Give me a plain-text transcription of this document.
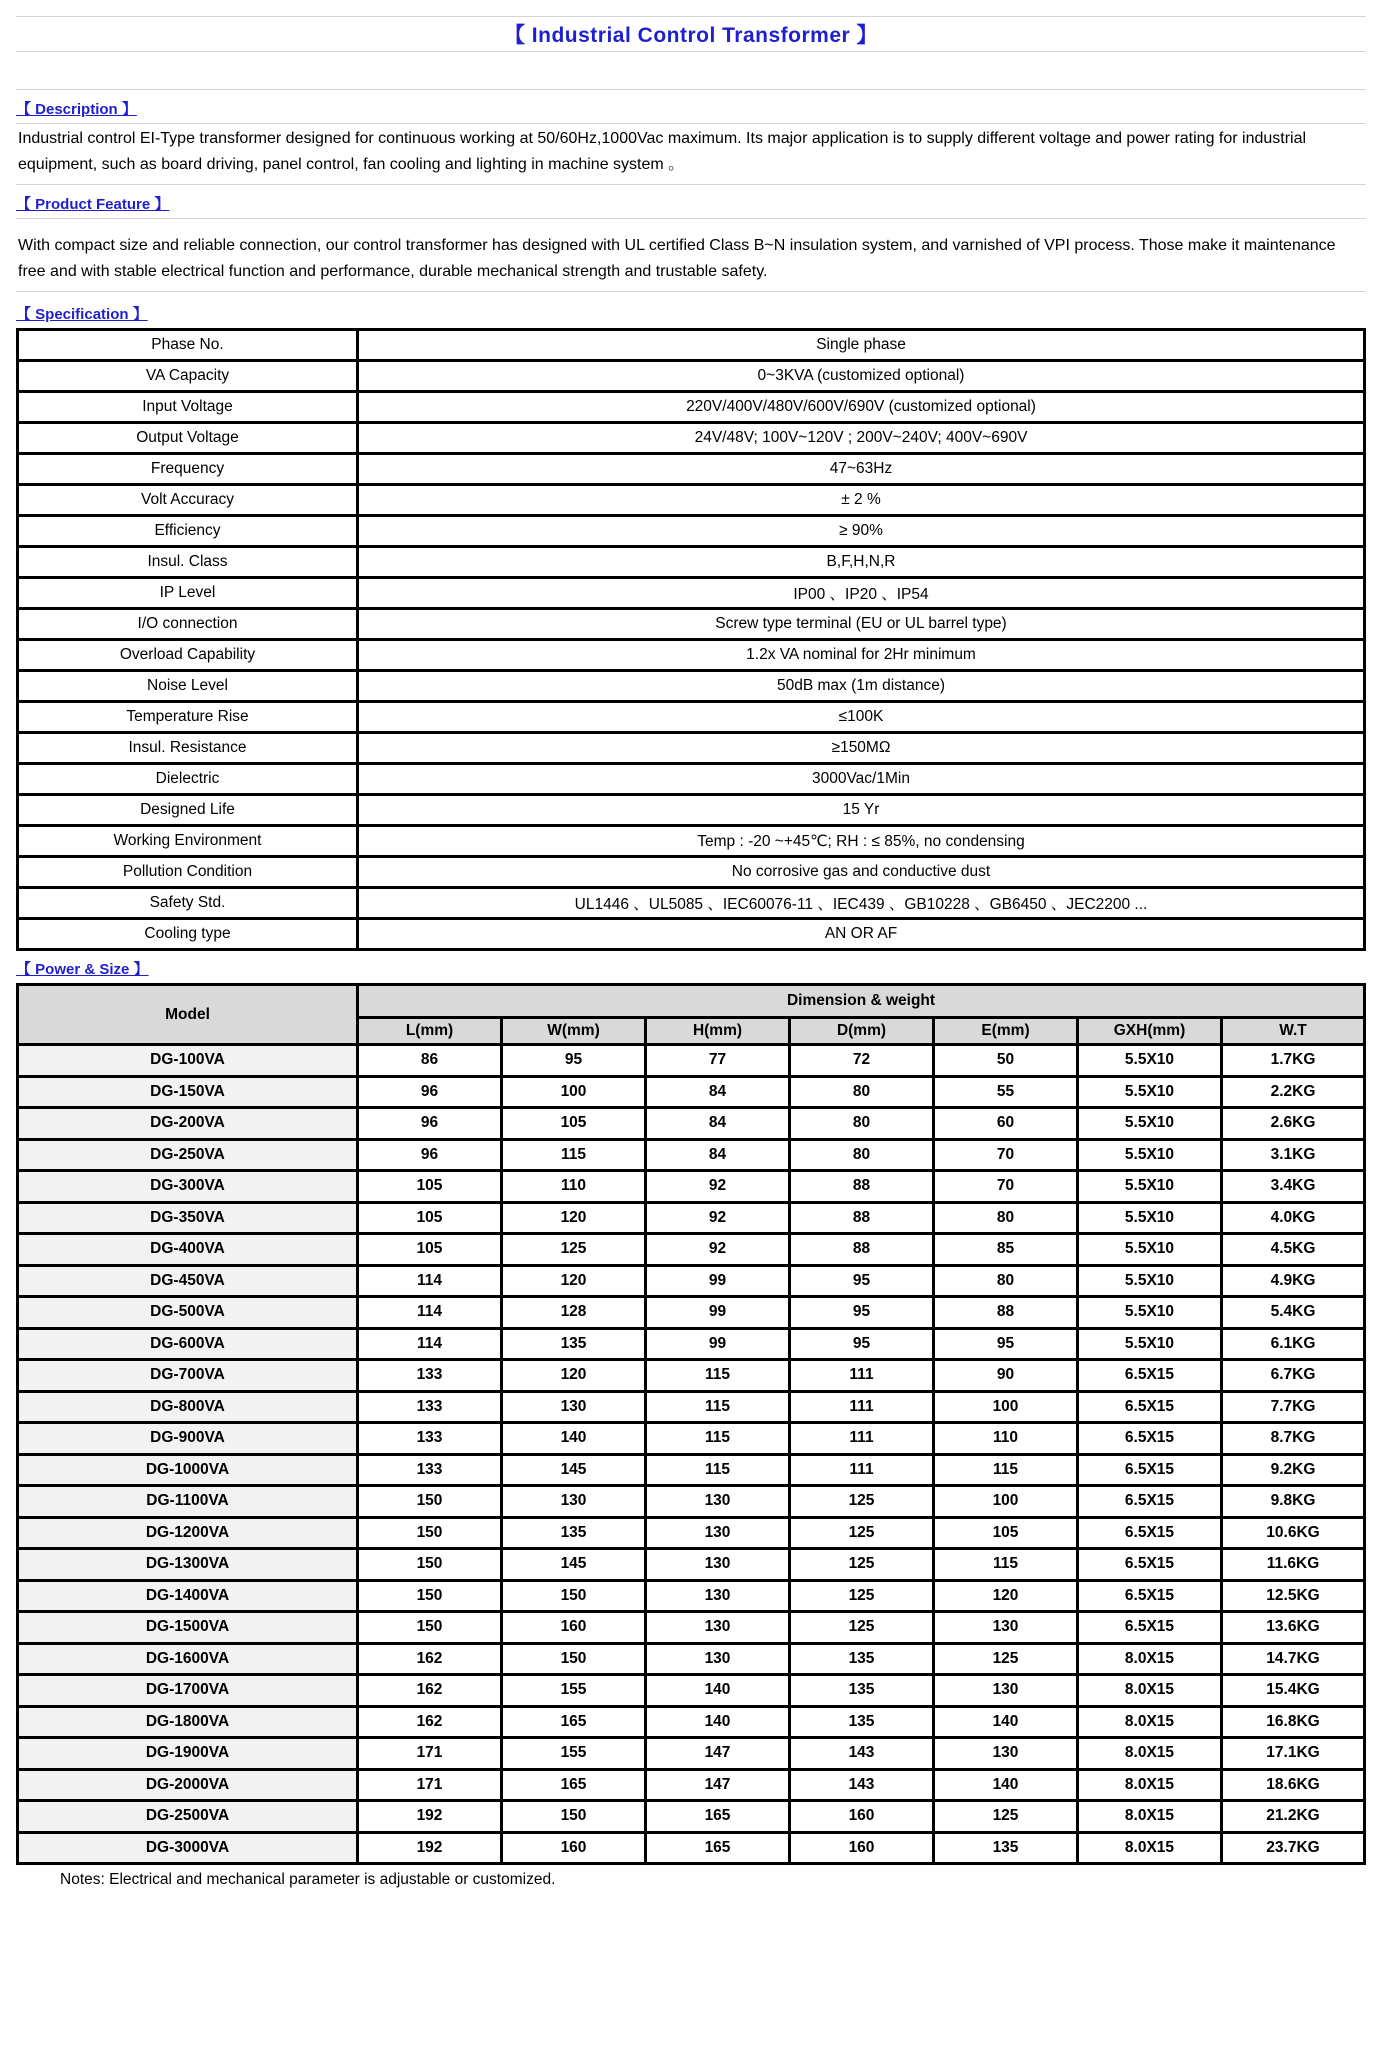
【 Industrial Control Transformer 】
【 Description 】
Industrial control EI-Type transformer designed for continuous working at 50/60Hz,1000Vac maximum. Its major application is to supply different voltage and power rating for industrial equipment, such as board driving, panel control, fan cooling and lighting in machine system 。
【 Product Feature 】
With compact size and reliable connection, our control transformer has designed with UL certified Class B~N insulation system, and varnished of VPI process. Those make it maintenance free and with stable electrical function and performance, durable mechanical strength and trustable safety.
【 Specification 】
Phase No.	Single phase
VA Capacity	0~3KVA (customized optional)
Input Voltage	220V/400V/480V/600V/690V (customized optional)
Output Voltage	24V/48V; 100V~120V ; 200V~240V; 400V~690V
Frequency	47~63Hz
Volt Accuracy	± 2 %
Efficiency	≥ 90%
Insul. Class	B,F,H,N,R
IP Level	IP00 、IP20 、IP54
I/O connection	Screw type terminal (EU or UL barrel type)
Overload Capability	1.2x VA nominal for 2Hr minimum
Noise Level	50dB max (1m distance)
Temperature Rise	≤100K
Insul. Resistance	≥150MΩ
Dielectric	3000Vac/1Min
Designed Life	15 Yr
Working Environment	Temp : -20 ~+45℃; RH : ≤ 85%, no condensing
Pollution Condition	No corrosive gas and conductive dust
Safety Std.	UL1446 、UL5085 、IEC60076-11 、IEC439 、GB10228 、GB6450 、JEC2200 ...
Cooling type	AN OR AF
【 Power & Size 】
Model	Dimension & weight						
	L(mm)	W(mm)	H(mm)	D(mm)	E(mm)	GXH(mm)	W.T
DG-100VA	86	95	77	72	50	5.5X10	1.7KG
DG-150VA	96	100	84	80	55	5.5X10	2.2KG
DG-200VA	96	105	84	80	60	5.5X10	2.6KG
DG-250VA	96	115	84	80	70	5.5X10	3.1KG
DG-300VA	105	110	92	88	70	5.5X10	3.4KG
DG-350VA	105	120	92	88	80	5.5X10	4.0KG
DG-400VA	105	125	92	88	85	5.5X10	4.5KG
DG-450VA	114	120	99	95	80	5.5X10	4.9KG
DG-500VA	114	128	99	95	88	5.5X10	5.4KG
DG-600VA	114	135	99	95	95	5.5X10	6.1KG
DG-700VA	133	120	115	111	90	6.5X15	6.7KG
DG-800VA	133	130	115	111	100	6.5X15	7.7KG
DG-900VA	133	140	115	111	110	6.5X15	8.7KG
DG-1000VA	133	145	115	111	115	6.5X15	9.2KG
DG-1100VA	150	130	130	125	100	6.5X15	9.8KG
DG-1200VA	150	135	130	125	105	6.5X15	10.6KG
DG-1300VA	150	145	130	125	115	6.5X15	11.6KG
DG-1400VA	150	150	130	125	120	6.5X15	12.5KG
DG-1500VA	150	160	130	125	130	6.5X15	13.6KG
DG-1600VA	162	150	130	135	125	8.0X15	14.7KG
DG-1700VA	162	155	140	135	130	8.0X15	15.4KG
DG-1800VA	162	165	140	135	140	8.0X15	16.8KG
DG-1900VA	171	155	147	143	130	8.0X15	17.1KG
DG-2000VA	171	165	147	143	140	8.0X15	18.6KG
DG-2500VA	192	150	165	160	125	8.0X15	21.2KG
DG-3000VA	192	160	165	160	135	8.0X15	23.7KG
Notes: Electrical and mechanical parameter is adjustable or customized.
